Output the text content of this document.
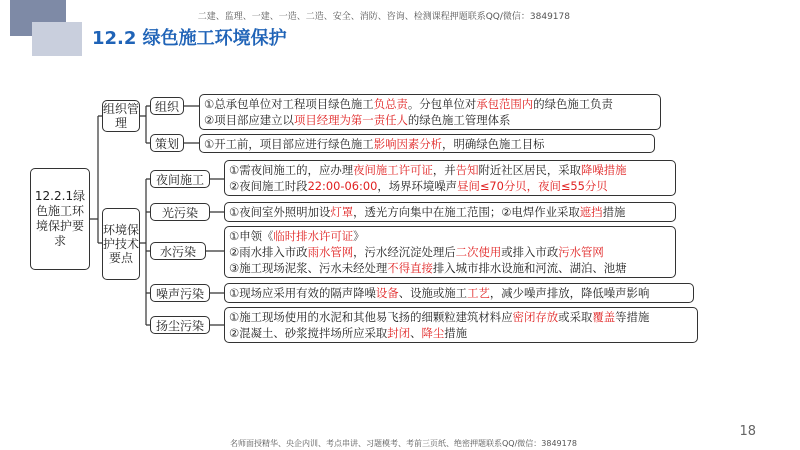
二建、监理、一建、一造、二造、安全、消防、咨询、检测课程押题联系QQ/微信：3849178
12.2 绿色施工环境保护
12.2.1绿色施工环境保护要求
组织管理
环境保护技术要点
组织
策划
夜间施工
光污染
水污染
噪声污染
扬尘污染
①总承包单位对工程项目绿色施工负总责。分包单位对承包范围内的绿色施工负责
②项目部应建立以项目经理为第一责任人的绿色施工管理体系
①开工前，项目部应进行绿色施工影响因素分析，明确绿色施工目标
①需夜间施工的，应办理夜间施工许可证，并告知附近社区居民，采取降噪措施
②夜间施工时段22:00-06:00，场界环境噪声昼间≤70分贝，夜间≤55分贝
①夜间室外照明加设灯罩，透光方向集中在施工范围；②电焊作业采取遮挡措施
①申领《临时排水许可证》
②雨水排入市政雨水管网，污水经沉淀处理后二次使用或排入市政污水管网
③施工现场泥浆、污水未经处理不得直接排入城市排水设施和河流、湖泊、池塘
①现场应采用有效的隔声降噪设备、设施或施工工艺，减少噪声排放，降低噪声影响
①施工现场使用的水泥和其他易飞扬的细颗粒建筑材料应密闭存放或采取覆盖等措施
②混凝土、砂浆搅拌场所应采取封闭、降尘措施
18
名师面授精华、央企内训、考点串讲、习题模考、考前三页纸、绝密押题联系QQ/微信：3849178
